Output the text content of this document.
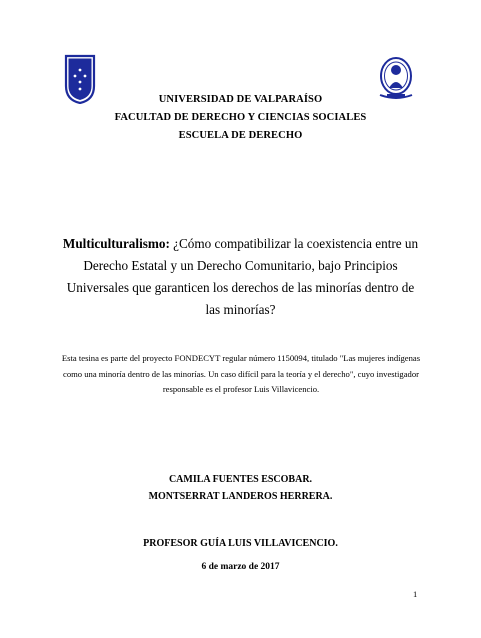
UNIVERSIDAD DE VALPARAÍSO
FACULTAD DE DERECHO Y CIENCIAS SOCIALES
ESCUELA DE DERECHO
Multiculturalismo: ¿Cómo compatibilizar la coexistencia entre un Derecho Estatal y un Derecho Comunitario, bajo Principios Universales que garanticen los derechos de las minorías dentro de las minorías?
Esta tesina es parte del proyecto FONDECYT regular número 1150094, titulado "Las mujeres indígenas como una minoría dentro de las minorías. Un caso difícil para la teoría y el derecho", cuyo investigador responsable es el profesor Luis Villavicencio.
CAMILA FUENTES ESCOBAR.
MONTSERRAT LANDEROS HERRERA.
PROFESOR GUÍA LUIS VILLAVICENCIO.
6 de marzo de 2017
1
